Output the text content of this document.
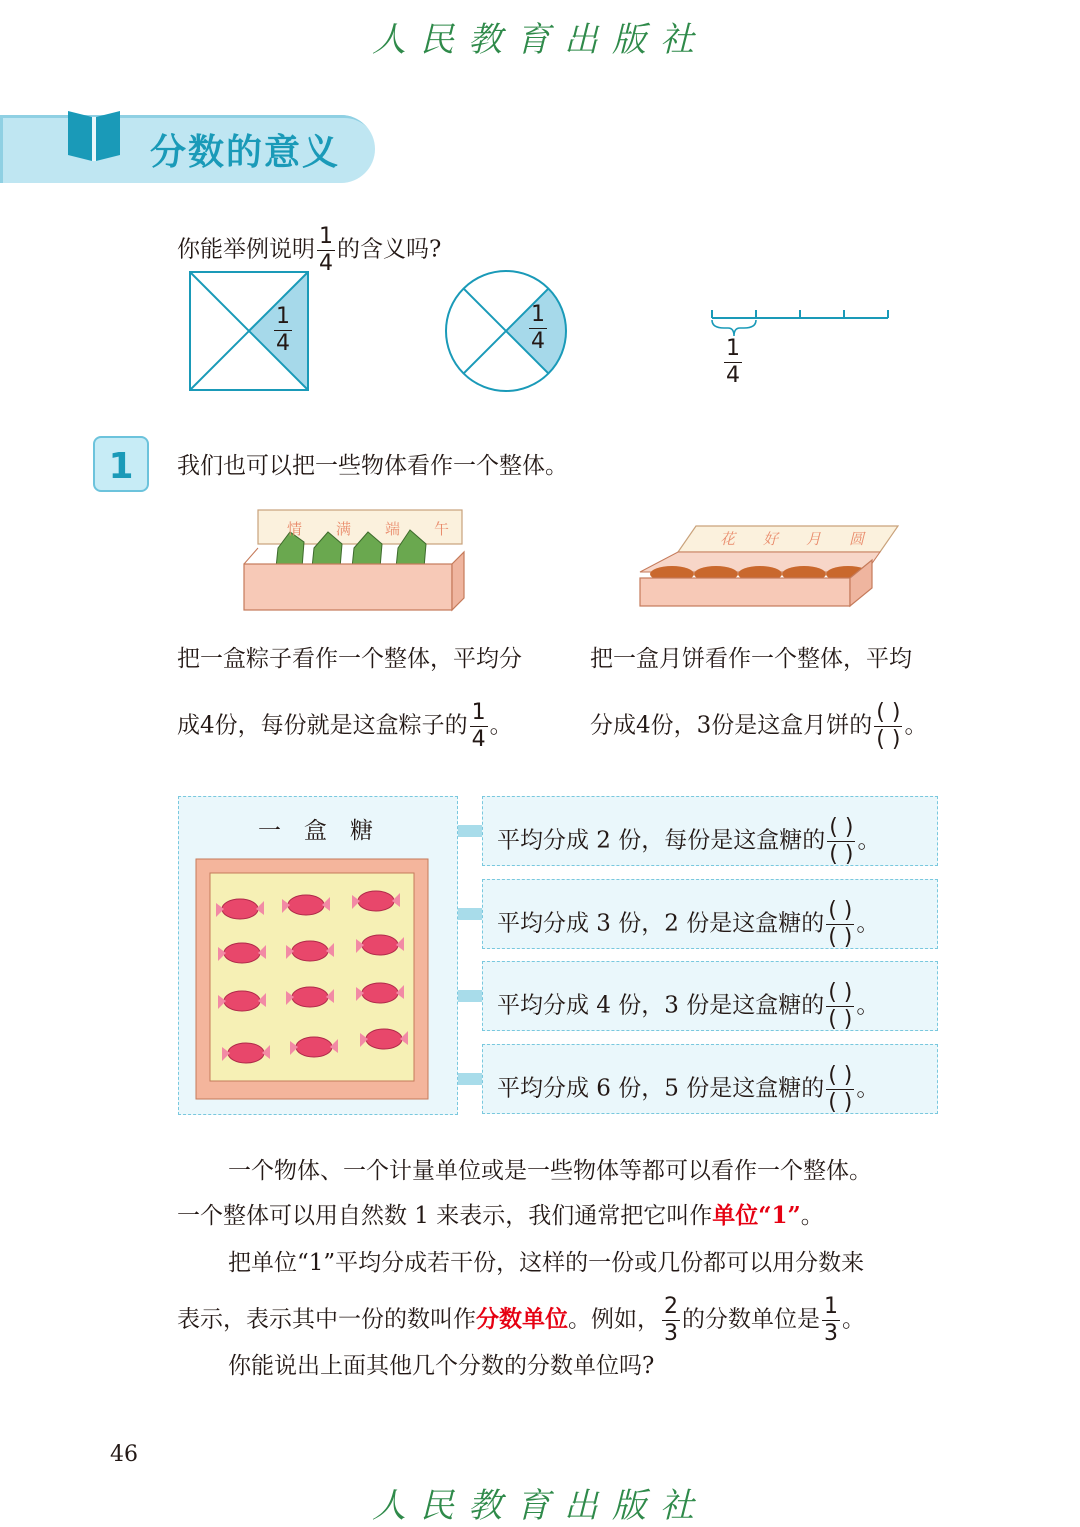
人民教育出版社
分数的意义
你能举例说明 $\frac{1}{4}$ 的含义吗?
$\frac{1}{4}$	$\frac{1}{4}$
$\frac{1}{4}$
1	我们也可以把一些物体看作一个整体。
情 满 端 午
花 好 月 圆
把一盒粽子看作一个整体，平均分
成4份，每份就是这盒粽子的 $\frac{1}{4}$ 。
把一盒月饼看作一个整体，平均
分成4份，3份是这盒月饼的 $\frac{( )}{( )}$ 。
一　盒　糖	平均分成 2 份，每份是这盒糖的 $\frac{( )}{( )}$ 。
平均分成 3 份，2 份是这盒糖的 $\frac{( )}{( )}$ 。
平均分成 4 份，3 份是这盒糖的 $\frac{( )}{( )}$ 。
平均分成 6 份，5 份是这盒糖的 $\frac{( )}{( )}$ 。
一个物体、一个计量单位或是一些物体等都可以看作一个整体。
一个整体可以用自然数 1 来表示，我们通常把它叫作单位“1”。
把单位“1”平均分成若干份，这样的一份或几份都可以用分数来
表示，表示其中一份的数叫作分数单位。例如， $\frac{2}{3}$ 的分数单位是 $\frac{1}{3}$ 。
你能说出上面其他几个分数的分数单位吗?
46
人民教育出版社
